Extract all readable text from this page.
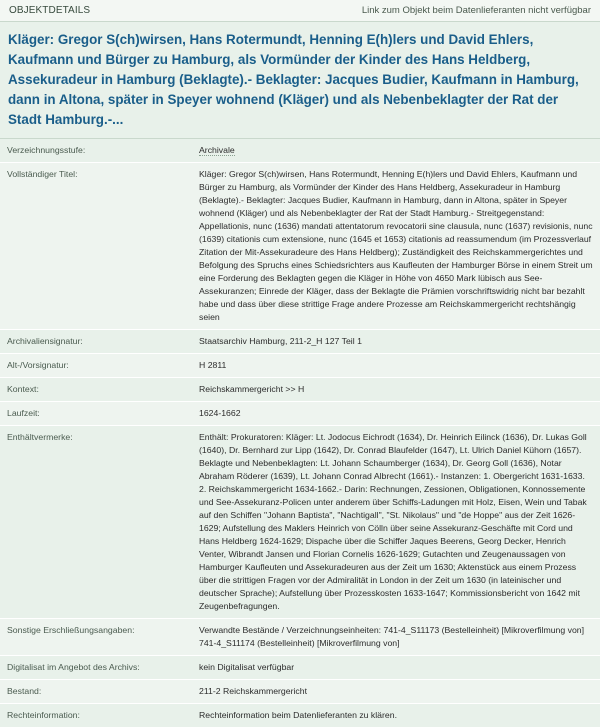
OBJEKTDETAILS	Link zum Objekt beim Datenlieferanten nicht verfügbar
Kläger: Gregor S(ch)wirsen, Hans Rotermundt, Henning E(h)lers und David Ehlers, Kaufmann und Bürger zu Hamburg, als Vormünder der Kinder des Hans Heldberg, Assekuradeur in Hamburg (Beklagte).- Beklagter: Jacques Budier, Kaufmann in Hamburg, dann in Altona, später in Speyer wohnend (Kläger) und als Nebenbeklagter der Rat der Stadt Hamburg.-...
Verzeichnungsstufe:	Archivale
Vollständiger Titel:	Kläger: Gregor S(ch)wirsen, Hans Rotermundt, Henning E(h)lers und David Ehlers, Kaufmann und Bürger zu Hamburg, als Vormünder der Kinder des Hans Heldberg, Assekuradeur in Hamburg (Beklagte).- Beklagter: Jacques Budier, Kaufmann in Hamburg, dann in Altona, später in Speyer wohnend (Kläger) und als Nebenbeklagter der Rat der Stadt Hamburg.- Streitgegenstand: Appellationis, nunc (1636) mandati attentatorum revocatorii sine clausula, nunc (1637) revisionis, nunc (1639) citationis cum extensione, nunc (1645 et 1653) citationis ad reassumendum (im Prozessverlauf Zitation der Mit-Assekuradeure des Hans Heldberg); Zuständigkeit des Reichskammergerichtes und Befolgung des Spruchs eines Schiedsrichters aus Kaufleuten der Hamburger Börse in einem Streit um eine Forderung des Beklagten gegen die Kläger in Höhe von 4650 Mark lübisch aus See-Assekuranzen; Einrede der Kläger, dass der Beklagte die Prämien vorschriftswidrig nicht bar bezahlt habe und dass über diese strittige Frage andere Prozesse am Reichskammergericht rechtshängig seien
Archivaliensignatur:	Staatsarchiv Hamburg, 211-2_H 127 Teil 1
Alt-/Vorsignatur:	H 2811
Kontext:	Reichskammergericht >> H
Laufzeit:	1624-1662
Enthältvermerke:	Enthält: Prokuratoren: Kläger: Lt. Jodocus Eichrodt (1634), Dr. Heinrich Eilinck (1636), Dr. Lukas Goll (1640), Dr. Bernhard zur Lipp (1642), Dr. Conrad Blaufelder (1647), Lt. Ulrich Daniel Kühorn (1657). Beklagte und Nebenbeklagten: Lt. Johann Schaumberger (1634), Dr. Georg Goll (1636), Notar Abraham Röderer (1639), Lt. Johann Conrad Albrecht (1661).- Instanzen: 1. Obergericht 1631-1633. 2. Reichskammergericht 1634-1662.- Darin: Rechnungen, Zessionen, Obligationen, Konnossemente und See-Assekuranz-Policen unter anderem über Schiffs-Ladungen mit Holz, Eisen, Wein und Tabak auf den Schiffen "Johann Baptista", "Nachtigall", "St. Nikolaus" und "de Hoppe" aus der Zeit 1626-1629; Aufstellung des Maklers Heinrich von Cölln über seine Assekuranz-Geschäfte mit Cord und Hans Heldberg 1624-1629; Dispache über die Schiffer Jaques Beerens, Georg Decker, Henrich Venter, Wibrandt Jansen und Florian Cornelis 1626-1629; Gutachten und Zeugenaussagen von Hamburger Kaufleuten und Assekuradeuren aus der Zeit um 1630; Aktenstück aus einem Prozess über die strittigen Fragen vor der Admiralität in London in der Zeit um 1630 (in lateinischer und deutscher Sprache); Aufstellung über Prozesskosten 1633-1647; Kommissionsbericht von 1642 mit Zeugenbefragungen.
Sonstige Erschließungsangaben:	Verwandte Bestände / Verzeichnungseinheiten: 741-4_S11173 (Bestelleinheit) [Mikroverfilmung von]
741-4_S11174 (Bestelleinheit) [Mikroverfilmung von]

Digitalisat im Angebot des Archivs:	kein Digitalisat verfügbar
Bestand:	211-2 Reichskammergericht
Rechteinformation:	Rechteinformation beim Datenlieferanten zu klären.
